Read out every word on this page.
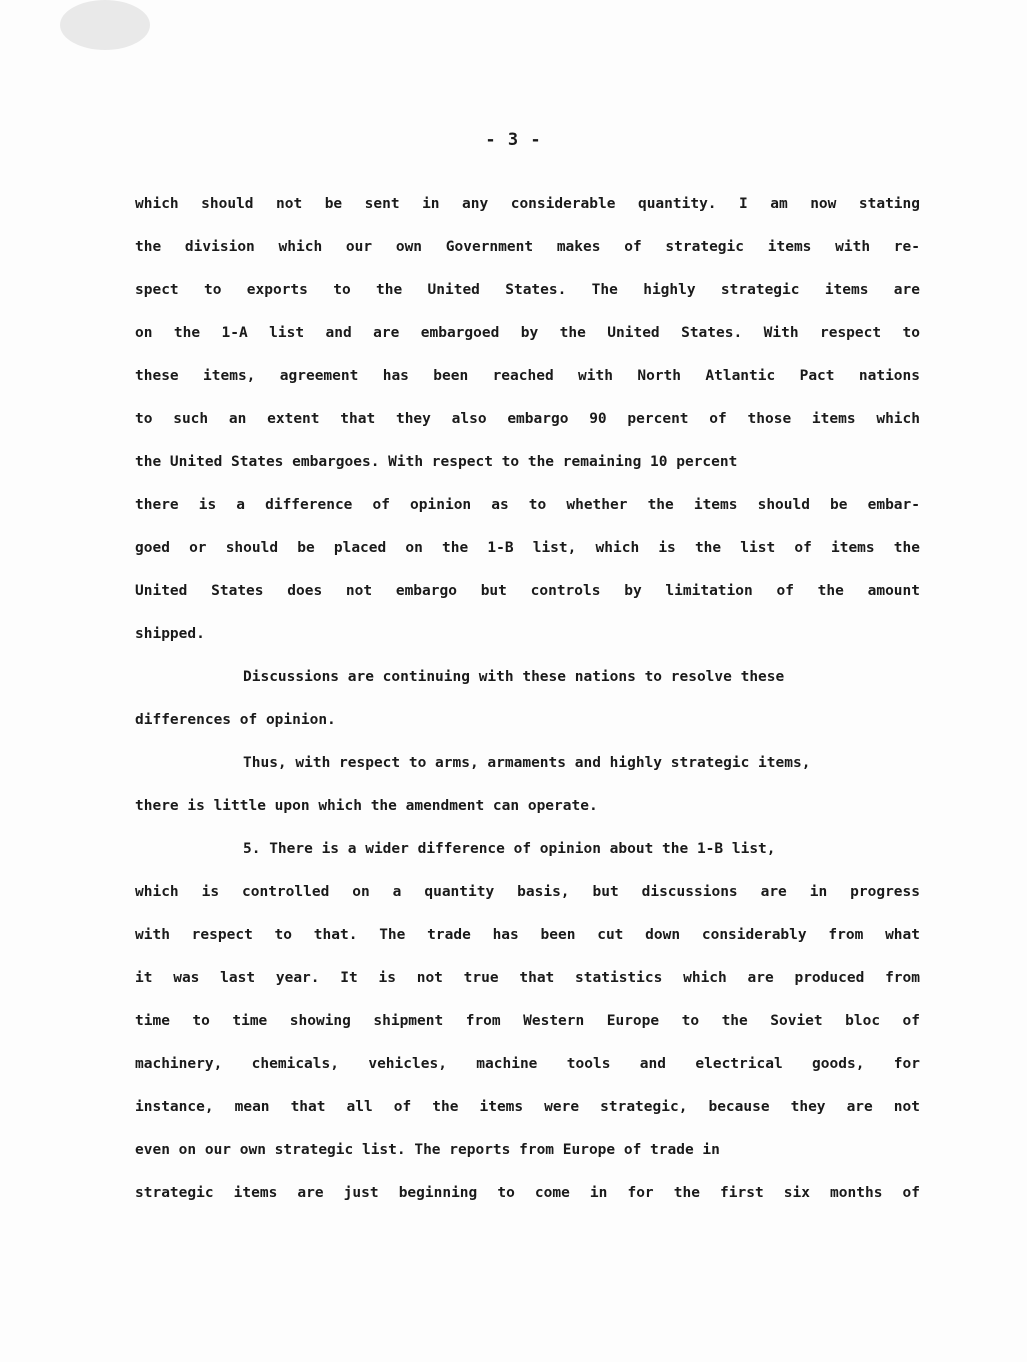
- 3 -
which should not be sent in any considerable quantity. I am now stating
the division which our own Government makes of strategic items with re-
spect to exports to the United States. The highly strategic items are
on the 1-A list and are embargoed by the United States. With respect to
these items, agreement has been reached with North Atlantic Pact nations
to such an extent that they also embargo 90 percent of those items which
the United States embargoes. With respect to the remaining 10 percent
there is a difference of opinion as to whether the items should be embar-
goed or should be placed on the 1-B list, which is the list of items the
United States does not embargo but controls by limitation of the amount
shipped.
Discussions are continuing with these nations to resolve these
differences of opinion.
Thus, with respect to arms, armaments and highly strategic items,
there is little upon which the amendment can operate.
5. There is a wider difference of opinion about the 1-B list,
which is controlled on a quantity basis, but discussions are in progress
with respect to that. The trade has been cut down considerably from what
it was last year. It is not true that statistics which are produced from
time to time showing shipment from Western Europe to the Soviet bloc of
machinery, chemicals, vehicles, machine tools and electrical goods, for
instance, mean that all of the items were strategic, because they are not
even on our own strategic list. The reports from Europe of trade in
strategic items are just beginning to come in for the first six months of
